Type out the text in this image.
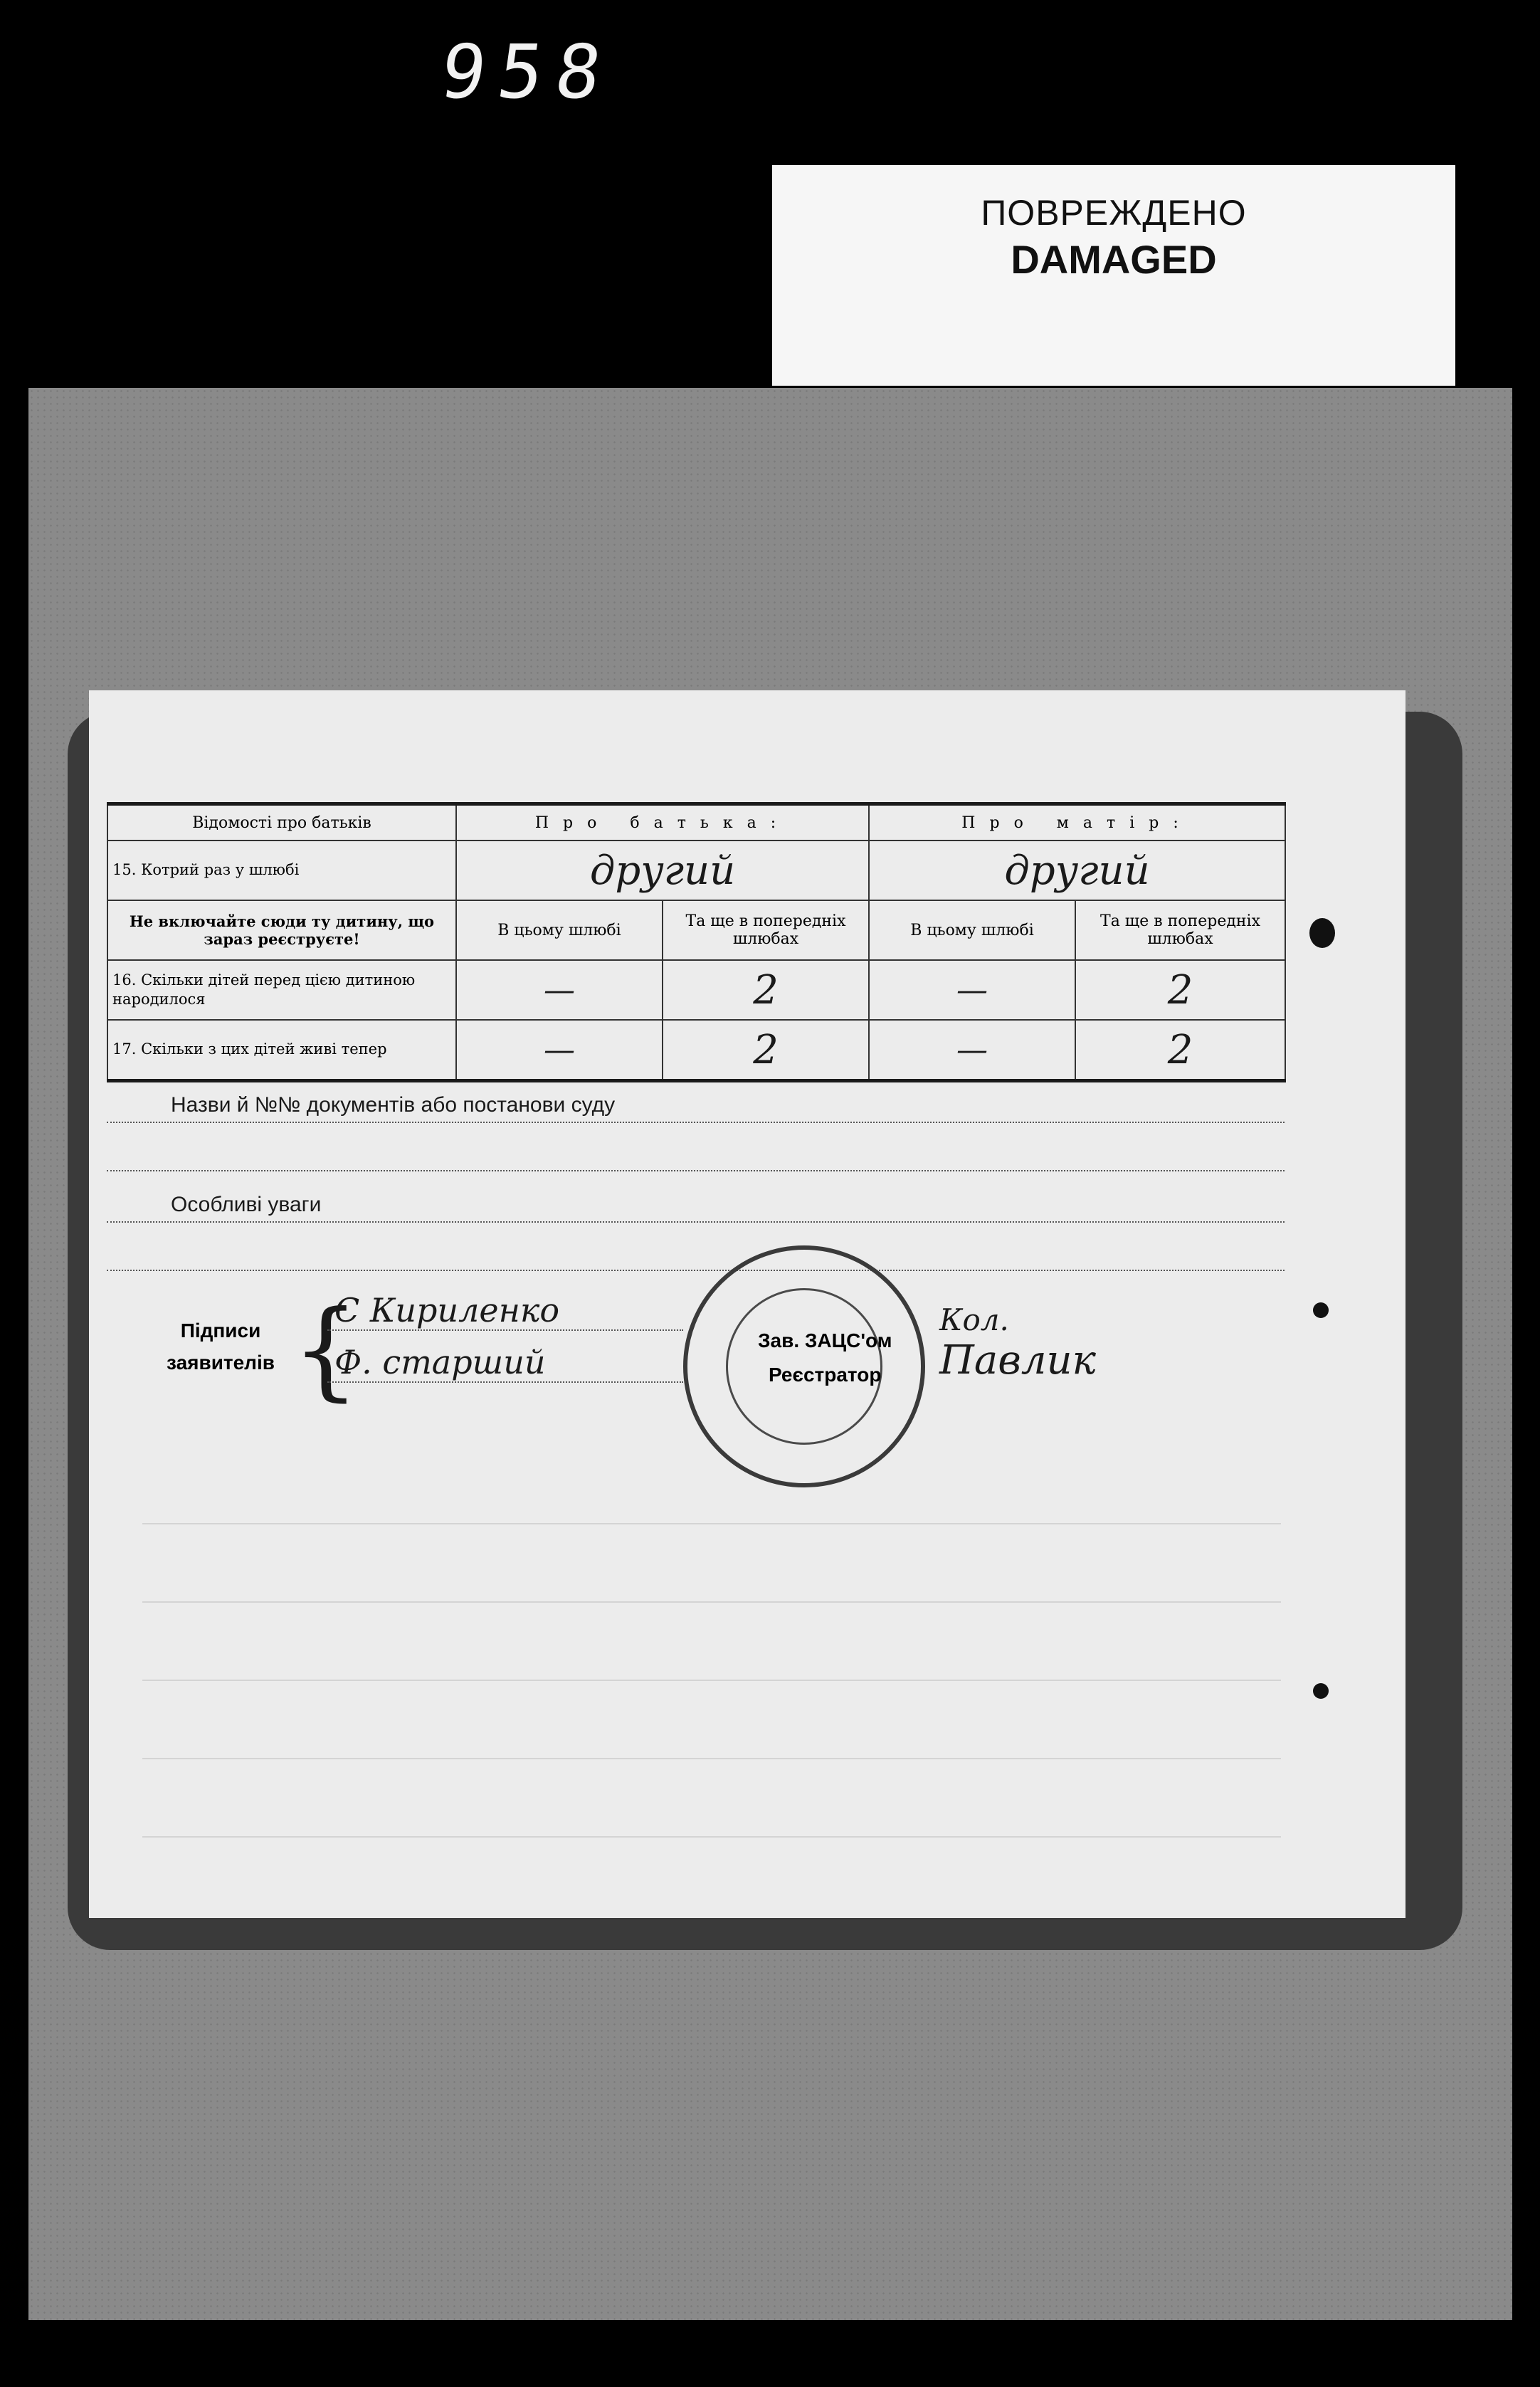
958
ПОВРЕЖДЕНО
DAMAGED
Відомості про батьків	Про батька:		Про матір:	
15. Котрий раз у шлюбі	другий		другий	
Не включайте сюди ту дитину, що зараз реєструєте!	В цьому шлюбі	Та ще в попередніх шлюбах	В цьому шлюбі	Та ще в попередніх шлюбах
16. Скільки дітей перед цією дитиною народилося	—	2	—	2
17. Скільки з цих дітей живі тепер	—	2	—	2
Назви й №№ документів або постанови суду
Особливі уваги
Підписи заявителів {
С Кириленко
Ф. старший
Зав. ЗАЦС'ом
Реєстратор
Кол.
Павлик
